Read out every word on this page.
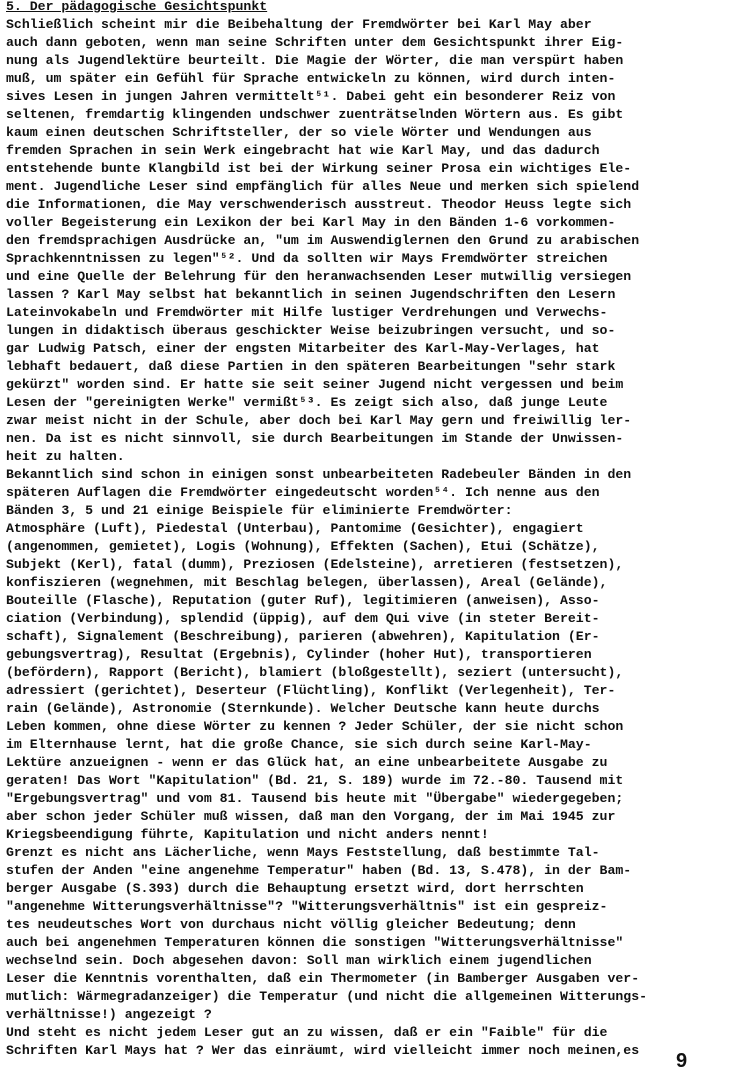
5. Der pädagogische Gesichtspunkt
Schließlich scheint mir die Beibehaltung der Fremdwörter bei Karl May aber
auch dann geboten, wenn man seine Schriften unter dem Gesichtspunkt ihrer Eig-
nung als Jugendlektüre beurteilt. Die Magie der Wörter, die man verspürt haben
muß, um später ein Gefühl für Sprache entwickeln zu können, wird durch inten-
sives Lesen in jungen Jahren vermittelt⁵¹. Dabei geht ein besonderer Reiz von
seltenen, fremdartig klingenden undschwer zuenträtselnden Wörtern aus. Es gibt
kaum einen deutschen Schriftsteller, der so viele Wörter und Wendungen aus
fremden Sprachen in sein Werk eingebracht hat wie Karl May, und das dadurch
entstehende bunte Klangbild ist bei der Wirkung seiner Prosa ein wichtiges Ele-
ment. Jugendliche Leser sind empfänglich für alles Neue und merken sich spielend
die Informationen, die May verschwenderisch ausstreut. Theodor Heuss legte sich
voller Begeisterung ein Lexikon der bei Karl May in den Bänden 1-6 vorkommen-
den fremdsprachigen Ausdrücke an, "um im Auswendiglernen den Grund zu arabischen
Sprachkenntnissen zu legen"⁵². Und da sollten wir Mays Fremdwörter streichen
und eine Quelle der Belehrung für den heranwachsenden Leser mutwillig versiegen
lassen ? Karl May selbst hat bekanntlich in seinen Jugendschriften den Lesern
Lateinvokabeln und Fremdwörter mit Hilfe lustiger Verdrehungen und Verwechs-
lungen in didaktisch überaus geschickter Weise beizubringen versucht, und so-
gar Ludwig Patsch, einer der engsten Mitarbeiter des Karl-May-Verlages, hat
lebhaft bedauert, daß diese Partien in den späteren Bearbeitungen "sehr stark
gekürzt" worden sind. Er hatte sie seit seiner Jugend nicht vergessen und beim
Lesen der "gereinigten Werke" vermißt⁵³. Es zeigt sich also, daß junge Leute
zwar meist nicht in der Schule, aber doch bei Karl May gern und freiwillig ler-
nen. Da ist es nicht sinnvoll, sie durch Bearbeitungen im Stande der Unwissen-
heit zu halten.
Bekanntlich sind schon in einigen sonst unbearbeiteten Radebeuler Bänden in den
späteren Auflagen die Fremdwörter eingedeutscht worden⁵⁴. Ich nenne aus den
Bänden 3, 5 und 21 einige Beispiele für eliminierte Fremdwörter:
Atmosphäre (Luft), Piedestal (Unterbau), Pantomime (Gesichter), engagiert
(angenommen, gemietet), Logis (Wohnung), Effekten (Sachen), Etui (Schätze),
Subjekt (Kerl), fatal (dumm), Preziosen (Edelsteine), arretieren (festsetzen),
konfiszieren (wegnehmen, mit Beschlag belegen, überlassen), Areal (Gelände),
Bouteille (Flasche), Reputation (guter Ruf), legitimieren (anweisen), Asso-
ciation (Verbindung), splendid (üppig), auf dem Qui vive (in steter Bereit-
schaft), Signalement (Beschreibung), parieren (abwehren), Kapitulation (Er-
gebungsvertrag), Resultat (Ergebnis), Cylinder (hoher Hut), transportieren
(befördern), Rapport (Bericht), blamiert (bloßgestellt), seziert (untersucht),
adressiert (gerichtet), Deserteur (Flüchtling), Konflikt (Verlegenheit), Ter-
rain (Gelände), Astronomie (Sternkunde). Welcher Deutsche kann heute durchs
Leben kommen, ohne diese Wörter zu kennen ? Jeder Schüler, der sie nicht schon
im Elternhause lernt, hat die große Chance, sie sich durch seine Karl-May-
Lektüre anzueignen - wenn er das Glück hat, an eine unbearbeitete Ausgabe zu
geraten! Das Wort "Kapitulation" (Bd. 21, S. 189) wurde im 72.-80. Tausend mit
"Ergebungsvertrag" und vom 81. Tausend bis heute mit "Übergabe" wiedergegeben;
aber schon jeder Schüler muß wissen, daß man den Vorgang, der im Mai 1945 zur
Kriegsbeendigung führte, Kapitulation und nicht anders nennt!
Grenzt es nicht ans Lächerliche, wenn Mays Feststellung, daß bestimmte Tal-
stufen der Anden "eine angenehme Temperatur" haben (Bd. 13, S.478), in der Bam-
berger Ausgabe (S.393) durch die Behauptung ersetzt wird, dort herrschten
"angenehme Witterungsverhältnisse"? "Witterungsverhältnis" ist ein gespreiz-
tes neudeutsches Wort von durchaus nicht völlig gleicher Bedeutung; denn
auch bei angenehmen Temperaturen können die sonstigen "Witterungsverhältnisse"
wechselnd sein. Doch abgesehen davon: Soll man wirklich einem jugendlichen
Leser die Kenntnis vorenthalten, daß ein Thermometer (in Bamberger Ausgaben ver-
mutlich: Wärmegradanzeiger) die Temperatur (und nicht die allgemeinen Witterungs-
verhältnisse!) angezeigt ?
Und steht es nicht jedem Leser gut an zu wissen, daß er ein "Faible" für die
Schriften Karl Mays hat ? Wer das einräumt, wird vielleicht immer noch meinen,es	9
